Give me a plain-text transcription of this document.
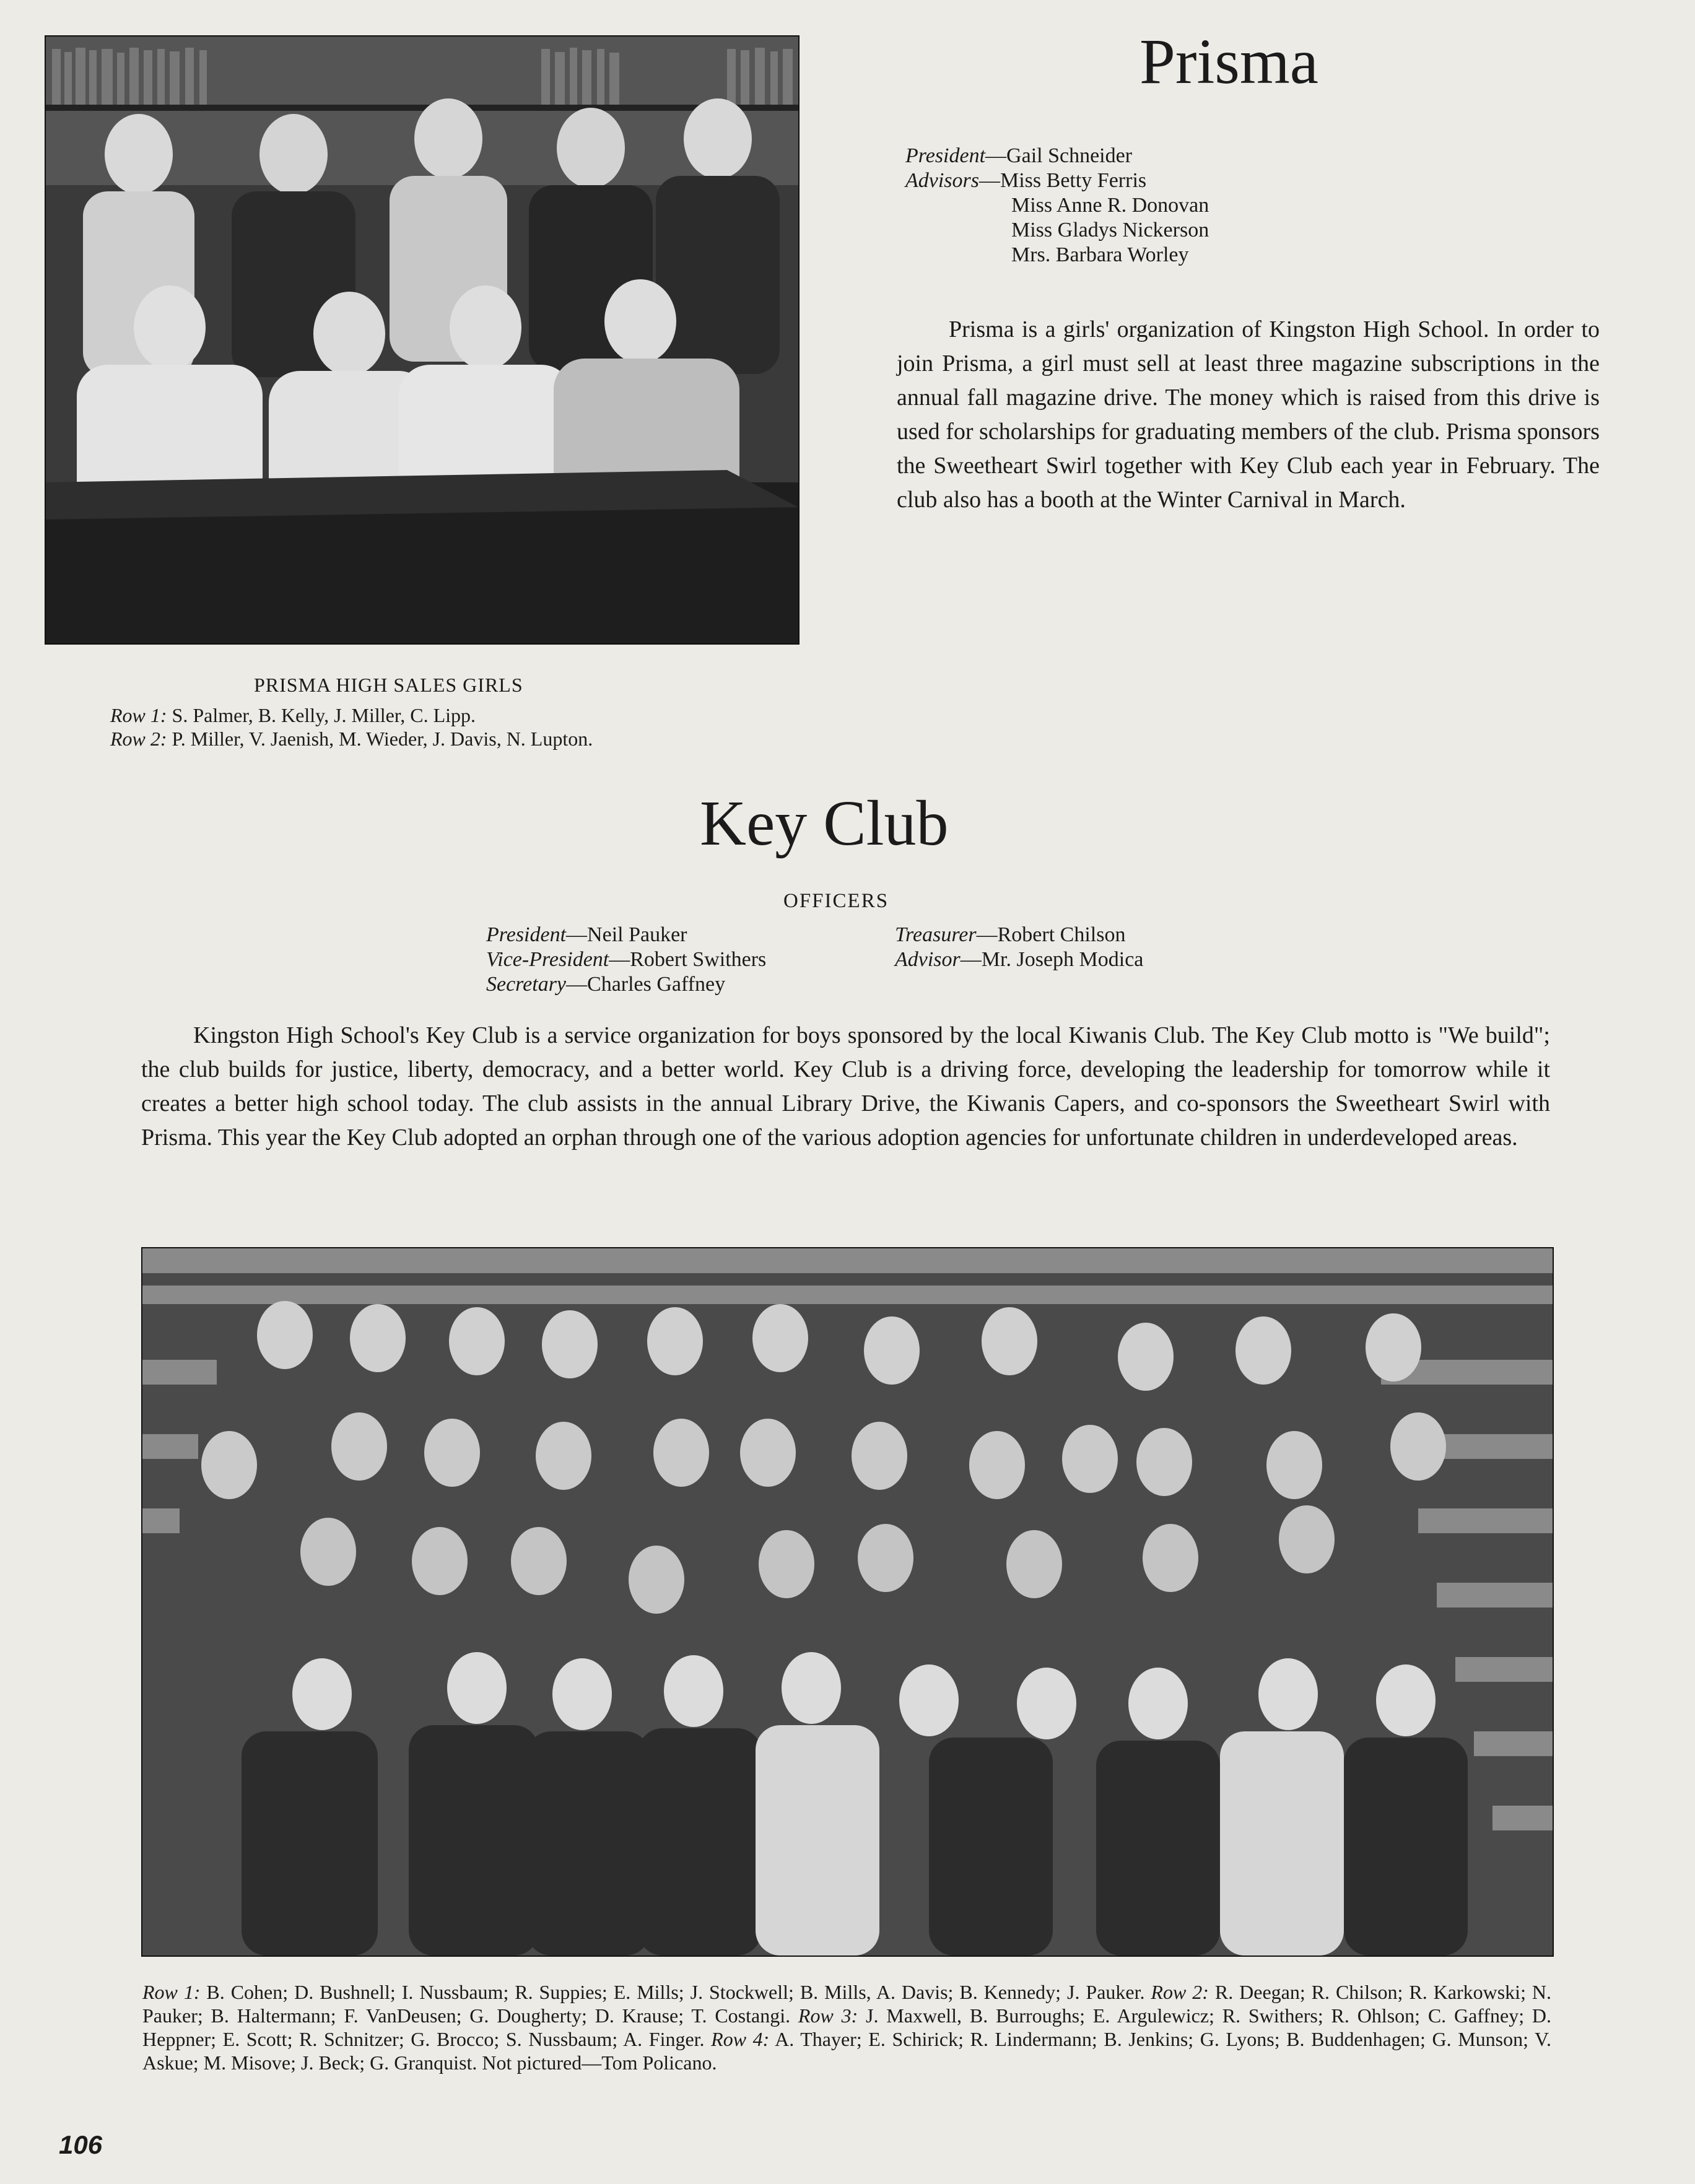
Prisma
President—Gail Schneider
Advisors—Miss Betty Ferris
Miss Anne R. Donovan
Miss Gladys Nickerson
Mrs. Barbara Worley

Prisma is a girls' organization of Kingston High School. In order to join Prisma, a girl must sell at least three magazine subscriptions in the annual fall magazine drive. The money which is raised from this drive is used for scholarships for graduating members of the club. Prisma sponsors the Sweetheart Swirl together with Key Club each year in February. The club also has a booth at the Winter Carnival in March.

PRISMA HIGH SALES GIRLS
Row 1: S. Palmer, B. Kelly, J. Miller, C. Lipp.
Row 2: P. Miller, V. Jaenish, M. Wieder, J. Davis, N. Lupton.
Key Club
OFFICERS
President—Neil Pauker
Vice-President—Robert Swithers
Secretary—Charles Gaffney
Treasurer—Robert Chilson
Advisor—Mr. Joseph Modica

Kingston High School's Key Club is a service organization for boys sponsored by the local Kiwanis Club. The Key Club motto is "We build"; the club builds for justice, liberty, democracy, and a better world. Key Club is a driving force, developing the leadership for tomorrow while it creates a better high school today. The club assists in the annual Library Drive, the Kiwanis Capers, and co-sponsors the Sweetheart Swirl with Prisma. This year the Key Club adopted an orphan through one of the various adoption agencies for unfortunate children in underdeveloped areas.

Row 1: B. Cohen; D. Bushnell; I. Nussbaum; R. Suppies; E. Mills; J. Stockwell; B. Mills, A. Davis; B. Kennedy; J. Pauker. Row 2: R. Deegan; R. Chilson; R. Karkowski; N. Pauker; B. Haltermann; F. VanDeusen; G. Dougherty; D. Krause; T. Costangi. Row 3: J. Maxwell, B. Burroughs; E. Argulewicz; R. Swithers; R. Ohlson; C. Gaffney; D. Heppner; E. Scott; R. Schnitzer; G. Brocco; S. Nussbaum; A. Finger. Row 4: A. Thayer; E. Schirick; R. Lindermann; B. Jenkins; G. Lyons; B. Buddenhagen; G. Munson; V. Askue; M. Misove; J. Beck; G. Granquist. Not pictured—Tom Policano.
106
